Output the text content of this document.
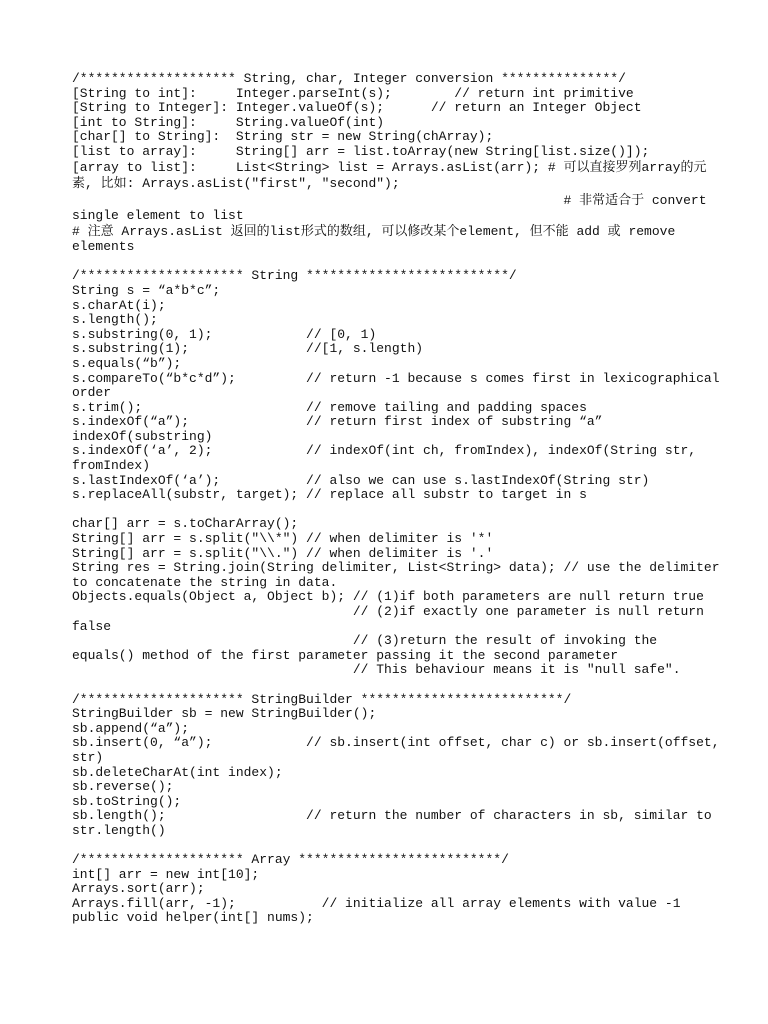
/******************** String, char, Integer conversion ***************/
[String to int]:     Integer.parseInt(s);        // return int primitive
[String to Integer]: Integer.valueOf(s);      // return an Integer Object
[int to String]:     String.valueOf(int)
[char[] to String]:  String str = new String(chArray);
[list to array]:     String[] arr = list.toArray(new String[list.size()]);
[array to list]:     List<String> list = Arrays.asList(arr); # 可以直接罗列array的元
素, 比如: Arrays.asList("first", "second");
# 非常适合于 convert
single element to list
# 注意 Arrays.asList 返回的list形式的数组, 可以修改某个element, 但不能 add 或 remove
elements
/********************* String **************************/
String s = “a*b*c”;
s.charAt(i);
s.length();
s.substring(0, 1);            // [0, 1)
s.substring(1);               //[1, s.length)
s.equals(“b”);
s.compareTo(“b*c*d”);         // return -1 because s comes first in lexicographical
order
s.trim();                     // remove tailing and padding spaces
s.indexOf(“a”);               // return first index of substring “a”
indexOf(substring)
s.indexOf(‘a’, 2);            // indexOf(int ch, fromIndex), indexOf(String str,
fromIndex)
s.lastIndexOf(‘a’);           // also we can use s.lastIndexOf(String str)
s.replaceAll(substr, target); // replace all substr to target in s
char[] arr = s.toCharArray();
String[] arr = s.split("\\*") // when delimiter is '*'
String[] arr = s.split("\\.") // when delimiter is '.'
String res = String.join(String delimiter, List<String> data); // use the delimiter
to concatenate the string in data.
Objects.equals(Object a, Object b); // (1)if both parameters are null return true
// (2)if exactly one parameter is null return
false
// (3)return the result of invoking the
equals() method of the first parameter passing it the second parameter
// This behaviour means it is "null safe".
/********************* StringBuilder **************************/
StringBuilder sb = new StringBuilder();
sb.append(“a”);
sb.insert(0, “a”);            // sb.insert(int offset, char c) or sb.insert(offset,
str)
sb.deleteCharAt(int index);
sb.reverse();
sb.toString();
sb.length();                  // return the number of characters in sb, similar to
str.length()
/********************* Array **************************/
int[] arr = new int[10];
Arrays.sort(arr);
Arrays.fill(arr, -1);           // initialize all array elements with value -1
public void helper(int[] nums);
